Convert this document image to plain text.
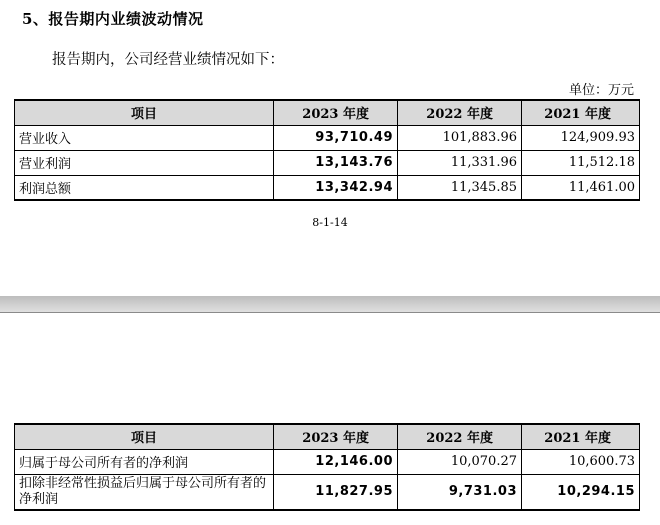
5、报告期内业绩波动情况
报告期内，公司经营业绩情况如下：
单位：万元
项目	2023 年度	2022 年度	2021 年度
营业收入	93,710.49	101,883.96	124,909.93
营业利润	13,143.76	11,331.96	11,512.18
利润总额	13,342.94	11,345.85	11,461.00
8-1-14
项目	2023 年度	2022 年度	2021 年度
归属于母公司所有者的净利润	12,146.00	10,070.27	10,600.73
扣除非经常性损益后归属于母公司所有者的净利润	11,827.95	9,731.03	10,294.15
